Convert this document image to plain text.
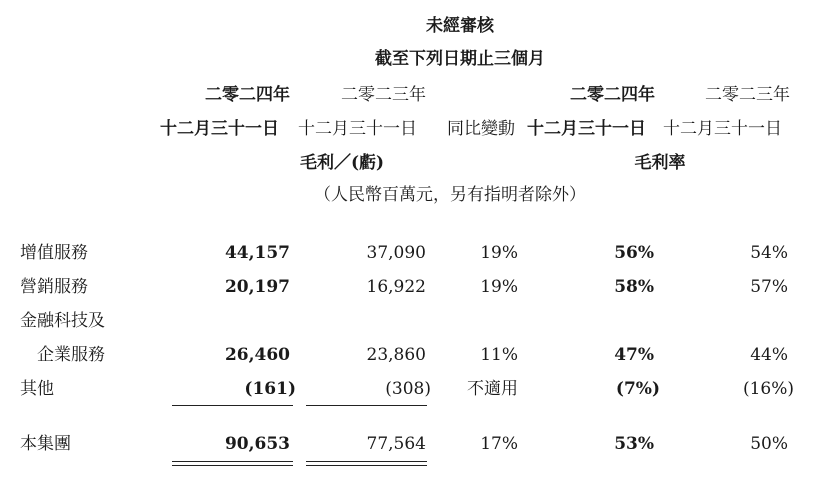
未經審核
截至下列日期止三個月
二零二四年	二零二三年	二零二四年	二零二三年
十二月三十一日 十二月三十一日 同比變動 十二月三十一日 十二月三十一日
毛利／(虧)	毛利率
（人民幣百萬元，另有指明者除外）
增值服務	44,157	37,090	19%	56%	54%
營銷服務	20,197	16,922	19%	58%	57%
金融科技及
企業服務	26,460	23,860	11%	47%	44%
其他	(161)	(308)	不適用	(7%)	(16%)
本集團	90,653	77,564	17%	53%	50%
